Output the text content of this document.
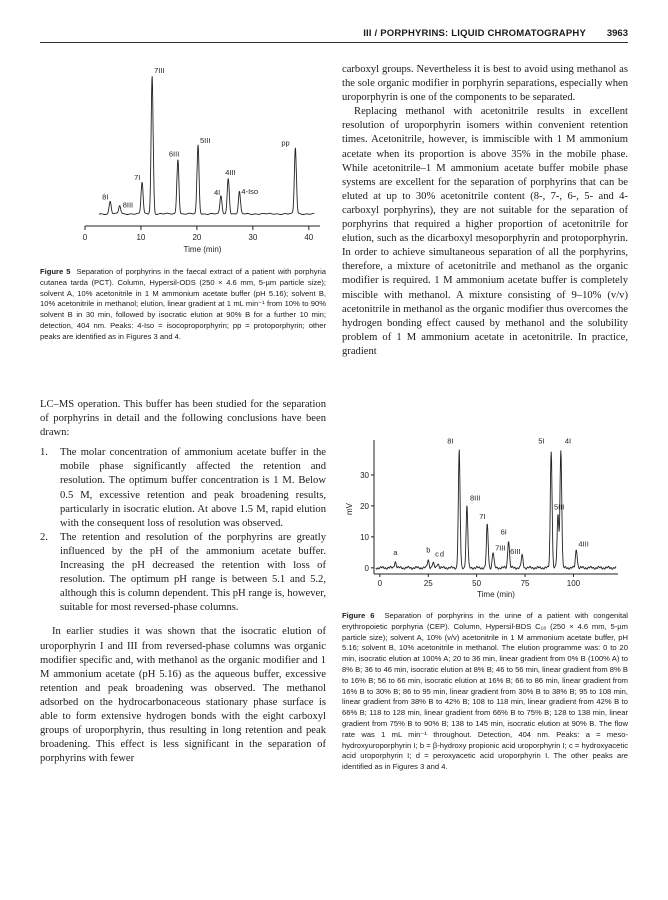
III / PORPHYRINS: LIQUID CHROMATOGRAPHY 3963
0	10	20	30	40
Time (min)
8I
8III
7I
7III
6III
5III
4I
4III
4-Iso
pp
Figure 5 Separation of porphyrins in the faecal extract of a patient with porphyria cutanea tarda (PCT). Column, Hypersil-ODS (250 × 4.6 mm, 5-µm particle size); solvent A, 10% acetonitrile in 1 M ammonium acetate buffer (pH 5.16); solvent B, 10% acetonitrile in methanol; elution, linear gradient at 1 mL min⁻¹ from 10% to 90% solvent B in 30 min, followed by isocratic elution at 90% B for a further 10 min; detection, 404 nm. Peaks: 4-Iso = isocoproporphyrin; pp = protoporphyrin; other peaks are identified as in Figures 3 and 4.

LC–MS operation. This buffer has been studied for the separation of porphyrins in detail and the following conclusions have been drawn:

1.	The molar concentration of ammonium acetate buffer in the mobile phase significantly affected the retention and resolution. The optimum buffer concentration is 1 M. Below 0.5 M, excessive retention and peak broadening results, particularly in isocratic elution. At above 1.5 M, rapid elution with the consequent loss of resolution was observed.
2.	The retention and resolution of the porphyrins are greatly influenced by the pH of the ammonium acetate buffer. Increasing the pH decreased the retention with loss of resolution. The optimum pH range is between 5.1 and 5.2, although this is column dependent. This pH range is, however, suitable for most reversed-phase columns.

In earlier studies it was shown that the isocratic elution of uroporphyrin I and III from reversed-phase columns was organic modifier specific and, with methanol as the organic modifier and 1 M ammonium acetate (pH 5.16) as the aqueous buffer, excessive retention and peak broadening was observed. The methanol adsorbed on the hydrocarbonaceous stationary phase surface is able to form extensive hydrogen bonds with the eight carboxyl groups of uroporphyrin, thus resulting in long retention and peak broadening. This effect is less significant in the separation of porphyrins with fewer

carboxyl groups. Nevertheless it is best to avoid using methanol as the sole organic modifier in porphyrin separations, especially when uroporphyrin is one of the components to be separated.

Replacing methanol with acetonitrile results in excellent resolution of uroporphyrin isomers within convenient retention times. Acetonitrile, however, is immiscible with 1 M ammonium acetate when its proportion is above 35% in the mobile phase. While acetonitrile–1 M ammonium acetate buffer mobile phase systems are excellent for the separation of porphyrins that can be eluted at up to 30% acetonitrile content (8-, 7-, 6-, 5- and 4-carboxyl porphyrins), they are not suitable for the separation of porphyrins that required a higher proportion of acetonitrile for elution, such as the dicarboxyl mesoporphyrin and protoporphyrin. In order to achieve simultaneous separation of all the porphyrins, therefore, a mixture of acetonitrile and methanol as the organic modifier is required. 1 M ammonium acetate buffer is completely miscible with methanol. A mixture consisting of 9–10% (v/v) acetonitrile in methanol as the organic modifier thus overcomes the hydrogen bonding effect caused by methanol and the solubility problem of 1 M ammonium acetate in acetonitrile. In practice, gradient

0
10
20
30
0	25	50	75	100
Time (min)
mV
a	b c d
8I
8III
7I
7III
6I
6III
5I
5III
4I
4III
Figure 6 Separation of porphyrins in the urine of a patient with congenital erythropoietic porphyria (CEP). Column, Hypersil-BDS C₁₈ (250 × 4.6 mm, 5-µm particle size); solvent A, 10% (v/v) acetonitrile in 1 M ammonium acetate buffer, pH 5.16; solvent B, 10% acetonitrile in methanol. The elution programme was: 0 to 20 min, isocratic elution at 100% A; 20 to 36 min, linear gradient from 0% B (100% A) to 8% B; 36 to 46 min, isocratic elution at 8% B; 46 to 56 min, linear gradient from 8% B to 16% B; 56 to 66 min, isocratic elution at 16% B; 66 to 86 min, linear gradient from 16% B to 30% B; 86 to 95 min, linear gradient from 30% B to 38% B; 95 to 108 min, linear gradient from 38% B to 42% B; 108 to 118 min, linear gradient from 42% B to 66% B; 118 to 128 min, linear gradient from 66% B to 75% B; 128 to 138 min, linear gradient from 75% B to 90% B; 138 to 145 min, isocratic elution at 90% B. The flow rate was 1 mL min⁻¹ throughout. Detection, 404 nm. Peaks: a = meso-hydroxyuroporphyrin I; b = β-hydroxy propionic acid uroporphyrin I; c = hydroxyacetic acid uroporphyrin I; d = peroxyacetic acid uroporphyrin I. The other peaks are identified as in Figures 3 and 4.
